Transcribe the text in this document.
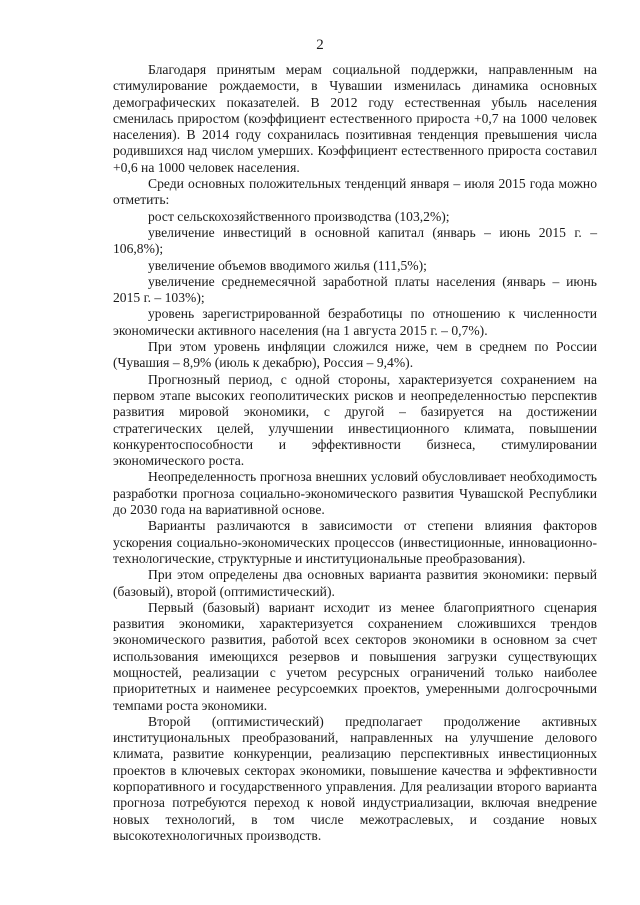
2

Благодаря принятым мерам социальной поддержки, направленным на стимулирование рождаемости, в Чувашии изменилась динамика основных демографических показателей. В 2012 году естественная убыль населения сменилась приростом (коэффициент естественного прироста +0,7 на 1000 человек населения). В 2014 году сохранилась позитивная тенденция превышения числа родившихся над числом умерших. Коэффициент естественного прироста составил +0,6 на 1000 человек населения.

Среди основных положительных тенденций января – июля 2015 года можно отметить:

рост сельскохозяйственного производства (103,2%);

увеличение инвестиций в основной капитал (январь – июнь 2015 г. – 106,8%);

увеличение объемов вводимого жилья (111,5%);

увеличение среднемесячной заработной платы населения (январь – июнь 2015 г. – 103%);

уровень зарегистрированной безработицы по отношению к численности экономически активного населения (на 1 августа 2015 г. – 0,7%).

При этом уровень инфляции сложился ниже, чем в среднем по России (Чувашия – 8,9% (июль к декабрю), Россия – 9,4%).

Прогнозный период, с одной стороны, характеризуется сохранением на первом этапе высоких геополитических рисков и неопределенностью перспектив развития мировой экономики, с другой – базируется на достижении стратегических целей, улучшении инвестиционного климата, повышении конкурентоспособности и эффективности бизнеса, стимулировании экономического роста.

Неопределенность прогноза внешних условий обусловливает необходимость разработки прогноза социально-экономического развития Чувашской Республики до 2030 года на вариативной основе.

Варианты различаются в зависимости от степени влияния факторов ускорения социально-экономических процессов (инвестиционные, инновационно-технологические, структурные и институциональные преобразования).

При этом определены два основных варианта развития экономики: первый (базовый), второй (оптимистический).

Первый (базовый) вариант исходит из менее благоприятного сценария развития экономики, характеризуется сохранением сложившихся трендов экономического развития, работой всех секторов экономики в основном за счет использования имеющихся резервов и повышения загрузки существующих мощностей, реализации с учетом ресурсных ограничений только наиболее приоритетных и наименее ресурсоемких проектов, умеренными долгосрочными темпами роста экономики.

Второй (оптимистический) предполагает продолжение активных институциональных преобразований, направленных на улучшение делового климата, развитие конкуренции, реализацию перспективных инвестиционных проектов в ключевых секторах экономики, повышение качества и эффективности корпоративного и государственного управления. Для реализации второго варианта прогноза потребуются переход к новой индустриализации, включая внедрение новых технологий, в том числе межотраслевых, и создание новых высокотехнологичных производств.
